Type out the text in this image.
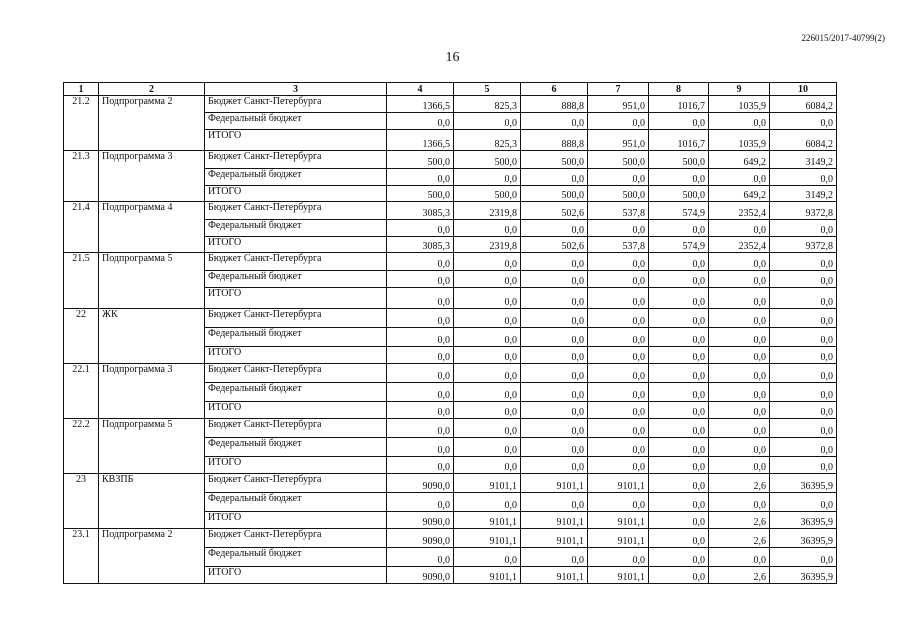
226015/2017-40799(2)
16
1	2	3	4	5	6	7	8	9	10
21.2	Подпрограмма 2	Бюджет Санкт-Петербурга	1366,5	825,3	888,8	951,0	1016,7	1035,9	6084,2
		Федеральный бюджет	0,0	0,0	0,0	0,0	0,0	0,0	0,0
		ИТОГО	1366,5	825,3	888,8	951,0	1016,7	1035,9	6084,2
21.3	Подпрограмма 3	Бюджет Санкт-Петербурга	500,0	500,0	500,0	500,0	500,0	649,2	3149,2
		Федеральный бюджет	0,0	0,0	0,0	0,0	0,0	0,0	0,0
		ИТОГО	500,0	500,0	500,0	500,0	500,0	649,2	3149,2
21.4	Подпрограмма 4	Бюджет Санкт-Петербурга	3085,3	2319,8	502,6	537,8	574,9	2352,4	9372,8
		Федеральный бюджет	0,0	0,0	0,0	0,0	0,0	0,0	0,0
		ИТОГО	3085,3	2319,8	502,6	537,8	574,9	2352,4	9372,8
21.5	Подпрограмма 5	Бюджет Санкт-Петербурга	0,0	0,0	0,0	0,0	0,0	0,0	0,0
		Федеральный бюджет	0,0	0,0	0,0	0,0	0,0	0,0	0,0
		ИТОГО	0,0	0,0	0,0	0,0	0,0	0,0	0,0
22	ЖК	Бюджет Санкт-Петербурга	0,0	0,0	0,0	0,0	0,0	0,0	0,0
		Федеральный бюджет	0,0	0,0	0,0	0,0	0,0	0,0	0,0
		ИТОГО	0,0	0,0	0,0	0,0	0,0	0,0	0,0
22.1	Подпрограмма 3	Бюджет Санкт-Петербурга	0,0	0,0	0,0	0,0	0,0	0,0	0,0
		Федеральный бюджет	0,0	0,0	0,0	0,0	0,0	0,0	0,0
		ИТОГО	0,0	0,0	0,0	0,0	0,0	0,0	0,0
22.2	Подпрограмма 5	Бюджет Санкт-Петербурга	0,0	0,0	0,0	0,0	0,0	0,0	0,0
		Федеральный бюджет	0,0	0,0	0,0	0,0	0,0	0,0	0,0
		ИТОГО	0,0	0,0	0,0	0,0	0,0	0,0	0,0
23	КВЗПБ	Бюджет Санкт-Петербурга	9090,0	9101,1	9101,1	9101,1	0,0	2,6	36395,9
		Федеральный бюджет	0,0	0,0	0,0	0,0	0,0	0,0	0,0
		ИТОГО	9090,0	9101,1	9101,1	9101,1	0,0	2,6	36395,9
23.1	Подпрограмма 2	Бюджет Санкт-Петербурга	9090,0	9101,1	9101,1	9101,1	0,0	2,6	36395,9
		Федеральный бюджет	0,0	0,0	0,0	0,0	0,0	0,0	0,0
		ИТОГО	9090,0	9101,1	9101,1	9101,1	0,0	2,6	36395,9
